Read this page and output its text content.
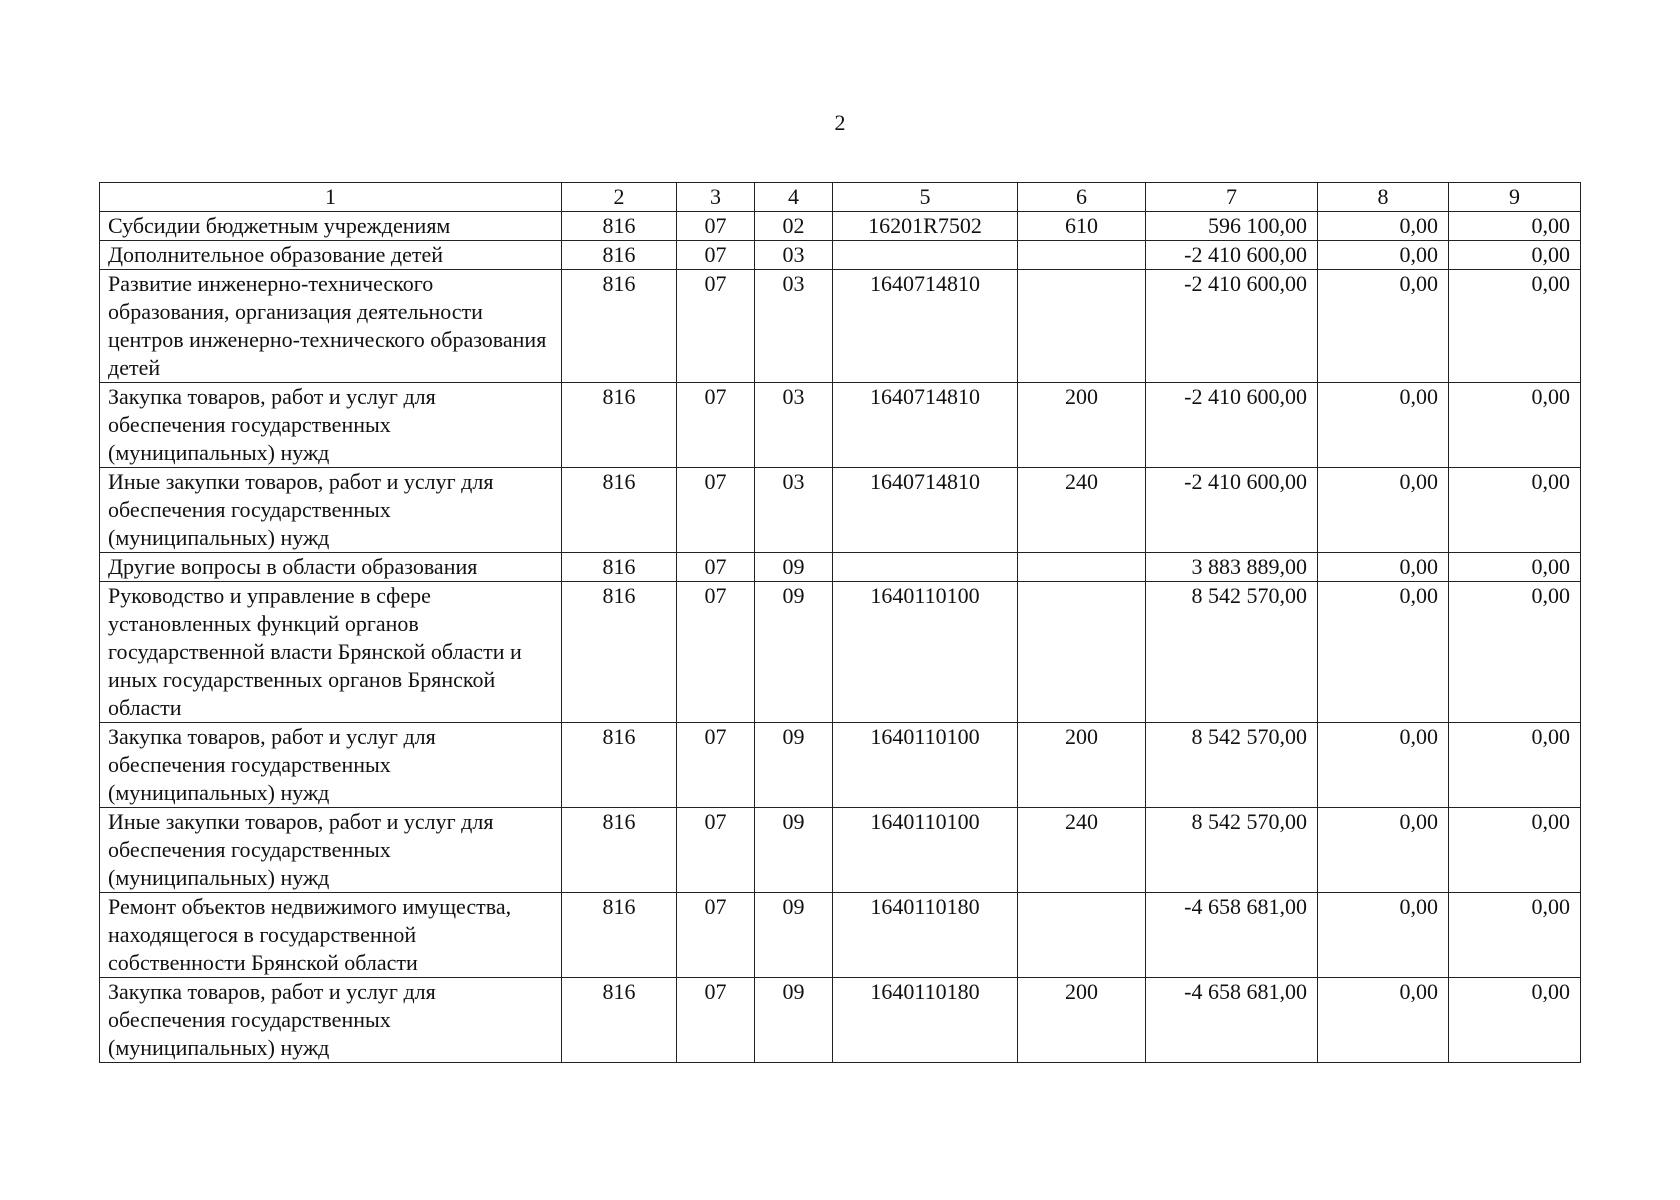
2
1	2	3	4	5	6	7	8	9
Субсидии бюджетным учреждениям	816	07	02	16201R7502	610	596 100,00	0,00	0,00
Дополнительное образование детей	816	07	03			-2 410 600,00	0,00	0,00
Развитие инженерно-технического образования, организация деятельности центров инженерно-технического образования детей	816	07	03	1640714810		-2 410 600,00	0,00	0,00
Закупка товаров, работ и услуг для обеспечения государственных (муниципальных) нужд	816	07	03	1640714810	200	-2 410 600,00	0,00	0,00
Иные закупки товаров, работ и услуг для обеспечения государственных (муниципальных) нужд	816	07	03	1640714810	240	-2 410 600,00	0,00	0,00
Другие вопросы в области образования	816	07	09			3 883 889,00	0,00	0,00
Руководство и управление в сфере установленных функций органов государственной власти Брянской области и иных государственных органов Брянской области	816	07	09	1640110100		8 542 570,00	0,00	0,00
Закупка товаров, работ и услуг для обеспечения государственных (муниципальных) нужд	816	07	09	1640110100	200	8 542 570,00	0,00	0,00
Иные закупки товаров, работ и услуг для обеспечения государственных (муниципальных) нужд	816	07	09	1640110100	240	8 542 570,00	0,00	0,00
Ремонт объектов недвижимого имущества, находящегося в государственной собственности Брянской области	816	07	09	1640110180		-4 658 681,00	0,00	0,00
Закупка товаров, работ и услуг для обеспечения государственных (муниципальных) нужд	816	07	09	1640110180	200	-4 658 681,00	0,00	0,00
